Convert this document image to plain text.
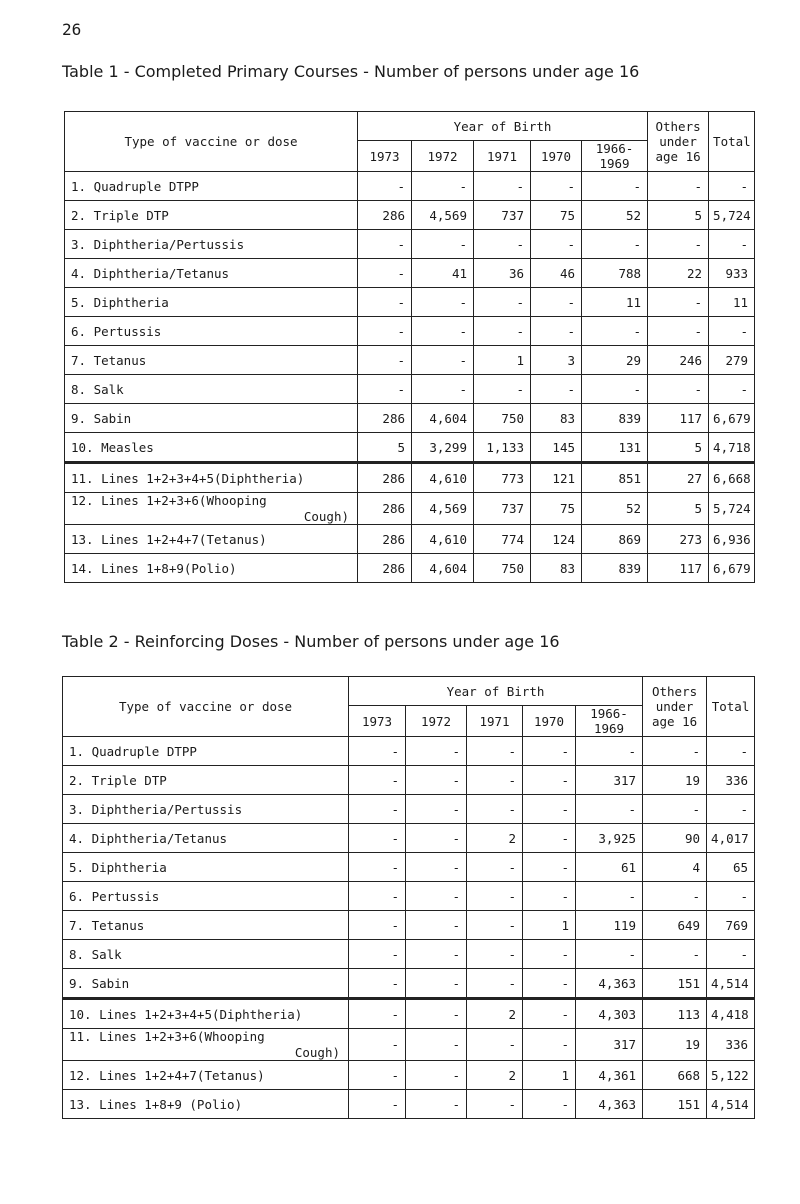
26
Table 1 - Completed Primary Courses - Number of persons under age 16
Type of vaccine or dose	Year of Birth					Others under age 16	Total
	1973	1972	1971	1970	1966-1969		
1. Quadruple DTPP	-	-	-	-	-	-	-
2. Triple DTP	286	4,569	737	75	52	5	5,724
3. Diphtheria/Pertussis	-	-	-	-	-	-	-
4. Diphtheria/Tetanus	-	41	36	46	788	22	933
5. Diphtheria	-	-	-	-	11	-	11
6. Pertussis	-	-	-	-	-	-	-
7. Tetanus	-	-	1	3	29	246	279
8. Salk	-	-	-	-	-	-	-
9. Sabin	286	4,604	750	83	839	117	6,679
10. Measles	5	3,299	1,133	145	131	5	4,718
11. Lines 1+2+3+4+5(Diphtheria)	286	4,610	773	121	851	27	6,668
12. Lines 1+2+3+6(Whooping
Cough)	286	4,569	737	75	52	5	5,724
13. Lines 1+2+4+7(Tetanus)	286	4,610	774	124	869	273	6,936
14. Lines 1+8+9(Polio)	286	4,604	750	83	839	117	6,679
Table 2 - Reinforcing Doses - Number of persons under age 16
Type of vaccine or dose	Year of Birth					Others under age 16	Total
	1973	1972	1971	1970	1966-1969		
1. Quadruple DTPP	-	-	-	-	-	-	-
2. Triple DTP	-	-	-	-	317	19	336
3. Diphtheria/Pertussis	-	-	-	-	-	-	-
4. Diphtheria/Tetanus	-	-	2	-	3,925	90	4,017
5. Diphtheria	-	-	-	-	61	4	65
6. Pertussis	-	-	-	-	-	-	-
7. Tetanus	-	-	-	1	119	649	769
8. Salk	-	-	-	-	-	-	-
9. Sabin	-	-	-	-	4,363	151	4,514
10. Lines 1+2+3+4+5(Diphtheria)	-	-	2	-	4,303	113	4,418
11. Lines 1+2+3+6(Whooping
Cough)	-	-	-	-	317	19	336
12. Lines 1+2+4+7(Tetanus)	-	-	2	1	4,361	668	5,122
13. Lines 1+8+9 (Polio)	-	-	-	-	4,363	151	4,514
